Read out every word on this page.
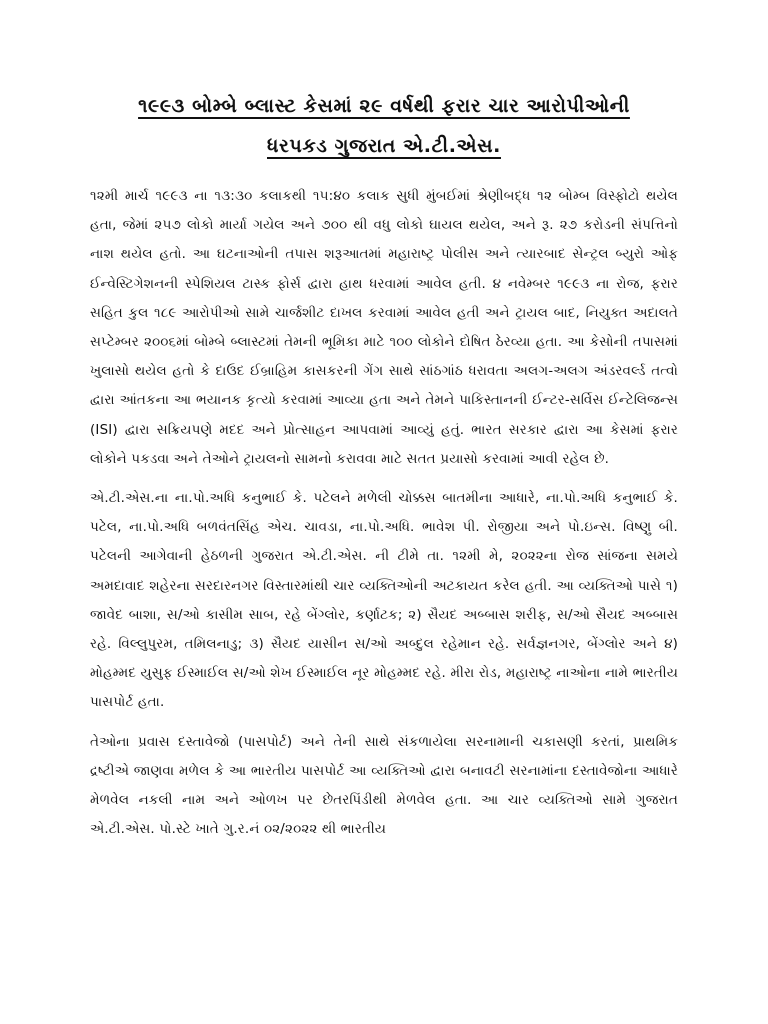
૧૯૯૩ બોમ્બે બ્લાસ્ટ કેસમાં ૨૯ વર્ષથી ફરાર ચાર આરોપીઓની
ધરપકડ ગુજરાત એ.ટી.એસ.

૧૨મી માર્ચ ૧૯૯૩ ના ૧૩:૩૦ કલાકથી ૧૫:૪૦ કલાક સુધી મુંબઈમાં શ્રેણીબદ્ધ ૧૨ બોમ્બ વિસ્ફોટો થયેલ હતા, જેમાં ૨૫૭ લોકો માર્યા ગયેલ અને ૭૦૦ થી વધુ લોકો ઘાયલ થયેલ, અને રૂ. ૨૭ કરોડની સંપત્તિનો નાશ થયેલ હતો. આ ઘટનાઓની તપાસ શરૂઆતમાં મહારાષ્ટ્ર પોલીસ અને ત્યારબાદ સેન્ટ્રલ બ્યુરો ઓફ ઈન્વેસ્ટિગેશનની સ્પેશિયલ ટાસ્ક ફોર્સ દ્વારા હાથ ધરવામાં આવેલ હતી. ૪ નવેમ્બર ૧૯૯૩ ના રોજ, ફરાર સહિત કુલ ૧૮૯ આરોપીઓ સામે ચાર્જશીટ દાખલ કરવામાં આવેલ હતી અને ટ્રાયલ બાદ, નિયુક્ત અદાલતે સપ્ટેમ્બર ૨૦૦૬માં બોમ્બે બ્લાસ્ટમાં તેમની ભૂમિકા માટે ૧૦૦ લોકોને દોષિત ઠેરવ્યા હતા. આ કેસોની તપાસમાં ખુલાસો થયેલ હતો કે દાઉદ ઈબ્રાહિમ કાસકરની ગેંગ સાથે સાંઠગાંઠ ધરાવતા અલગ-અલગ અંડરવર્લ્ડ તત્વો દ્વારા આંતકના આ ભયાનક કૃત્યો કરવામાં આવ્યા હતા અને તેમને પાકિસ્તાનની ઈન્ટર-સર્વિસ ઈન્ટેલિજન્સ (ISI) દ્વારા સક્રિયપણે મદદ અને પ્રોત્સાહન આપવામાં આવ્યું હતું. ભારત સરકાર દ્વારા આ કેસમાં ફરાર લોકોને પકડવા અને તેઓને ટ્રાયલનો સામનો કરાવવા માટે સતત પ્રયાસો કરવામાં આવી રહેલ છે.

એ.ટી.એસ.ના ના.પો.અધિ કનુભાઈ કે. પટેલને મળેલી ચોક્કસ બાતમીના આધારે, ના.પો.અધિ કનુભાઈ કે. પટેલ, ના.પો.અધિ બળવંતસિંહ એચ. ચાવડા, ના.પો.અધિ. ભાવેશ પી. રોજીયા અને પો.ઇન્સ. વિષ્ણુ બી. પટેલની આગેવાની હેઠળની ગુજરાત એ.ટી.એસ. ની ટીમે તા. ૧૨મી મે, ૨૦૨૨ના રોજ સાંજના સમયે અમદાવાદ શહેરના સરદારનગર વિસ્તારમાંથી ચાર વ્યક્તિઓની અટકાયત કરેલ હતી. આ વ્યક્તિઓ પાસે ૧) જાવેદ બાશા, સ/ઓ કાસીમ સાબ, રહે બેંગ્લોર, કર્ણાટક; ૨) સૈયદ અબ્બાસ શરીફ, સ/ઓ સૈયદ અબ્બાસ રહે. વિલ્લુપુરમ, તમિલનાડુ; ૩) સૈયદ યાસીન સ/ઓ અબ્દુલ રહેમાન રહે. સર્વજ્ઞનગર, બેંગ્લોર અને ૪) મોહમ્મદ યુસુફ ઈસ્માઈલ સ/ઓ શેખ ઈસ્માઈલ નૂર મોહમ્મદ રહે. મીરા રોડ, મહારાષ્ટ્ર નાઓના નામે ભારતીય પાસપોર્ટ હતા.

તેઓના પ્રવાસ દસ્તાવેજો (પાસપોર્ટ) અને તેની સાથે સંકળાયેલા સરનામાની ચકાસણી કરતાં, પ્રાથમિક દ્રષ્ટીએ જાણવા મળેલ કે આ ભારતીય પાસપોર્ટ આ વ્યક્તિઓ દ્વારા બનાવટી સરનામાંના દસ્તાવેજોના આધારે મેળવેલ નકલી નામ અને ઓળખ પર છેતરપિંડીથી મેળવેલ હતા. આ ચાર વ્યક્તિઓ સામે ગુજરાત એ.ટી.એસ. પો.સ્ટે ખાતે ગુ.ર.નં ૦૨/૨૦૨૨ થી ભારતીય
